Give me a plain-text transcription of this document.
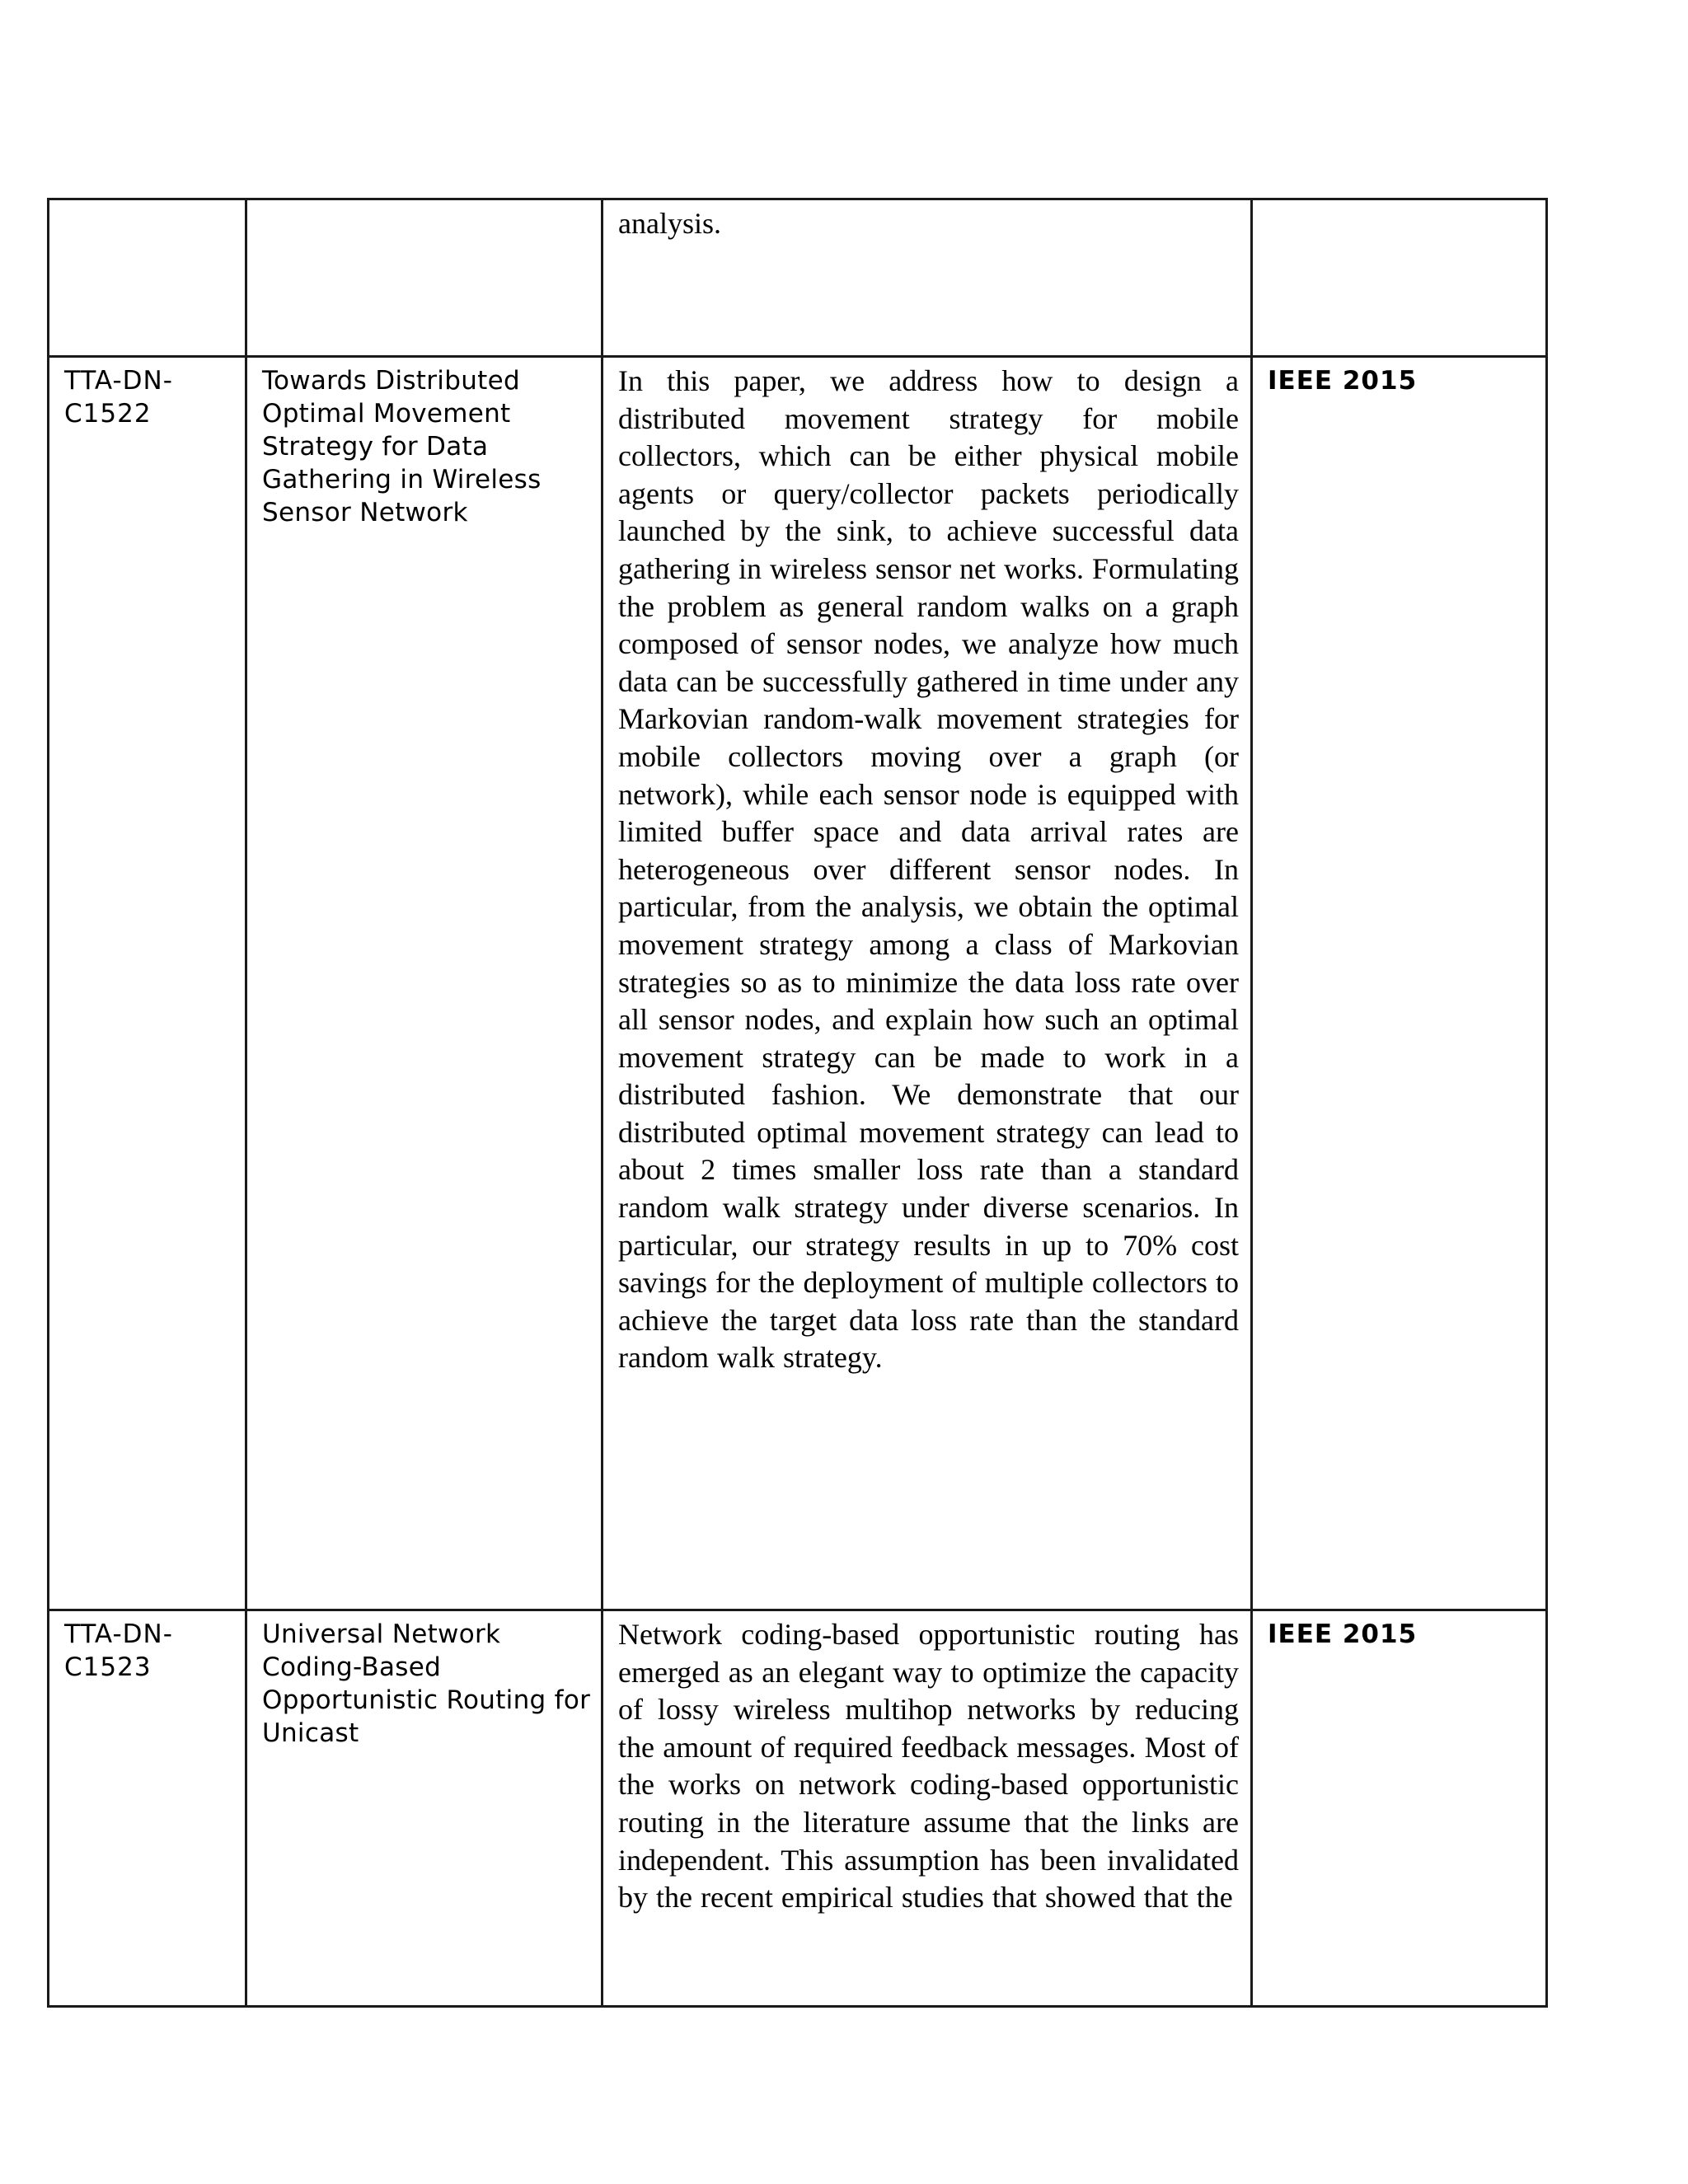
		analysis.	

TTA-DN-C1522	Towards Distributed Optimal Movement Strategy for Data Gathering in Wireless Sensor Network	In this paper, we address how to design a distributed movement strategy for mobile collectors, which can be either physical mobile agents or query/collector packets periodically launched by the sink, to achieve successful data gathering in wireless sensor net works. Formulating the problem as general random walks on a graph composed of sensor nodes, we analyze how much data can be successfully gathered in time under any Markovian random-walk movement strategies for mobile collectors moving over a graph (or network), while each sensor node is equipped with limited buffer space and data arrival rates are heterogeneous over different sensor nodes. In particular, from the analysis, we obtain the optimal movement strategy among a class of Markovian strategies so as to minimize the data loss rate over all sensor nodes, and explain how such an optimal movement strategy can be made to work in a distributed fashion. We demonstrate that our distributed optimal movement strategy can lead to about 2 times smaller loss rate than a standard random walk strategy under diverse scenarios. In particular, our strategy results in up to 70% cost savings for the deployment of multiple collectors to achieve the target data loss rate than the standard random walk strategy.	IEEE 2015
TTA-DN-C1523	Universal Network Coding-Based Opportunistic Routing for Unicast	Network coding-based opportunistic routing has emerged as an elegant way to optimize the capacity of lossy wireless multihop networks by reducing the amount of required feedback messages. Most of the works on network coding-based opportunistic routing in the literature assume that the links are independent. This assumption has been invalidated by the recent empirical studies that showed that the	IEEE 2015
